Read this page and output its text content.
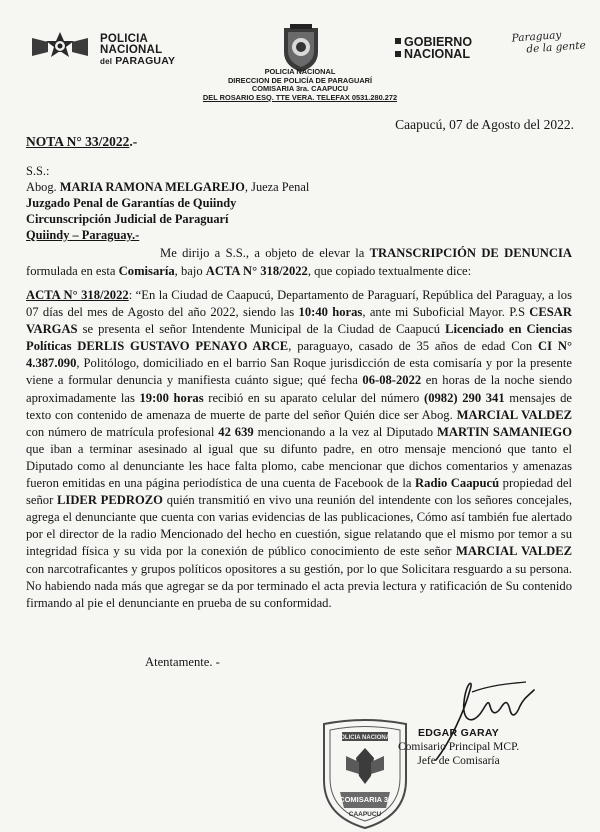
POLICIA
NACIONAL
del PARAGUAY
GOBIERNO
NACIONAL
Paraguay
de la gente
POLICIA NACIONAL
DIRECCION DE POLICÍA DE PARAGUARÍ
COMISARIA 3ra. CAAPUCU
DEL ROSARIO ESQ. TTE VERA. TELEFAX 0531.280.272
Caapucú, 07 de Agosto del 2022.
NOTA N° 33/2022.-
S.S.:
Abog. MARIA RAMONA MELGAREJO, Jueza Penal
Juzgado Penal de Garantías de Quiindy
Circunscripción Judicial de Paraguarí
Quiindy – Paraguay.-
Me dirijo a S.S., a objeto de elevar la TRANSCRIPCIÓN DE DENUNCIA formulada en esta Comisaría, bajo ACTA N° 318/2022, que copiado textualmente dice:
ACTA N° 318/2022: “En la Ciudad de Caapucú, Departamento de Paraguarí, República del Paraguay, a los 07 días del mes de Agosto del año 2022, siendo las 10:40 horas, ante mi Suboficial Mayor. P.S CESAR VARGAS se presenta el señor Intendente Municipal de la Ciudad de Caapucú Licenciado en Ciencias Políticas DERLIS GUSTAVO PENAYO ARCE, paraguayo, casado de 35 años de edad Con CI N° 4.387.090, Politólogo, domiciliado en el barrio San Roque jurisdicción de esta comisaría y por la presente viene a formular denuncia y manifiesta cuánto sigue; qué fecha 06-08-2022 en horas de la noche siendo aproximadamente las 19:00 horas recibió en su aparato celular del número (0982) 290 341 mensajes de texto con contenido de amenaza de muerte de parte del señor Quién dice ser Abog. MARCIAL VALDEZ con número de matrícula profesional 42 639 mencionando a la vez al Diputado MARTIN SAMANIEGO que iban a terminar asesinado al igual que su difunto padre, en otro mensaje mencionó que tanto el Diputado como al denunciante les hace falta plomo, cabe mencionar que dichos comentarios y amenazas fueron emitidas en una página periodística de una cuenta de Facebook de la Radio Caapucú propiedad del señor LIDER PEDROZO quién transmitió en vivo una reunión del intendente con los señores concejales, agrega el denunciante que cuenta con varias evidencias de las publicaciones, Cómo así también fue alertado por el director de la radio Mencionado del hecho en cuestión, sigue relatando que el mismo por temor a su integridad física y su vida por la conexión de público conocimiento de este señor MARCIAL VALDEZ con narcotraficantes y grupos políticos opositores a su gestión, por lo que Solicitara resguardo a su persona. No habiendo nada más que agregar se da por terminado el acta previa lectura y ratificación de Su contenido firmando al pie el denunciante en prueba de su conformidad.
Atentamente. -
POLICIA NACIONAL
COMISARIA 3ª
CAAPUCU
EDGAR GARAY
Comisario Principal MCP.
Jefe de Comisaría
